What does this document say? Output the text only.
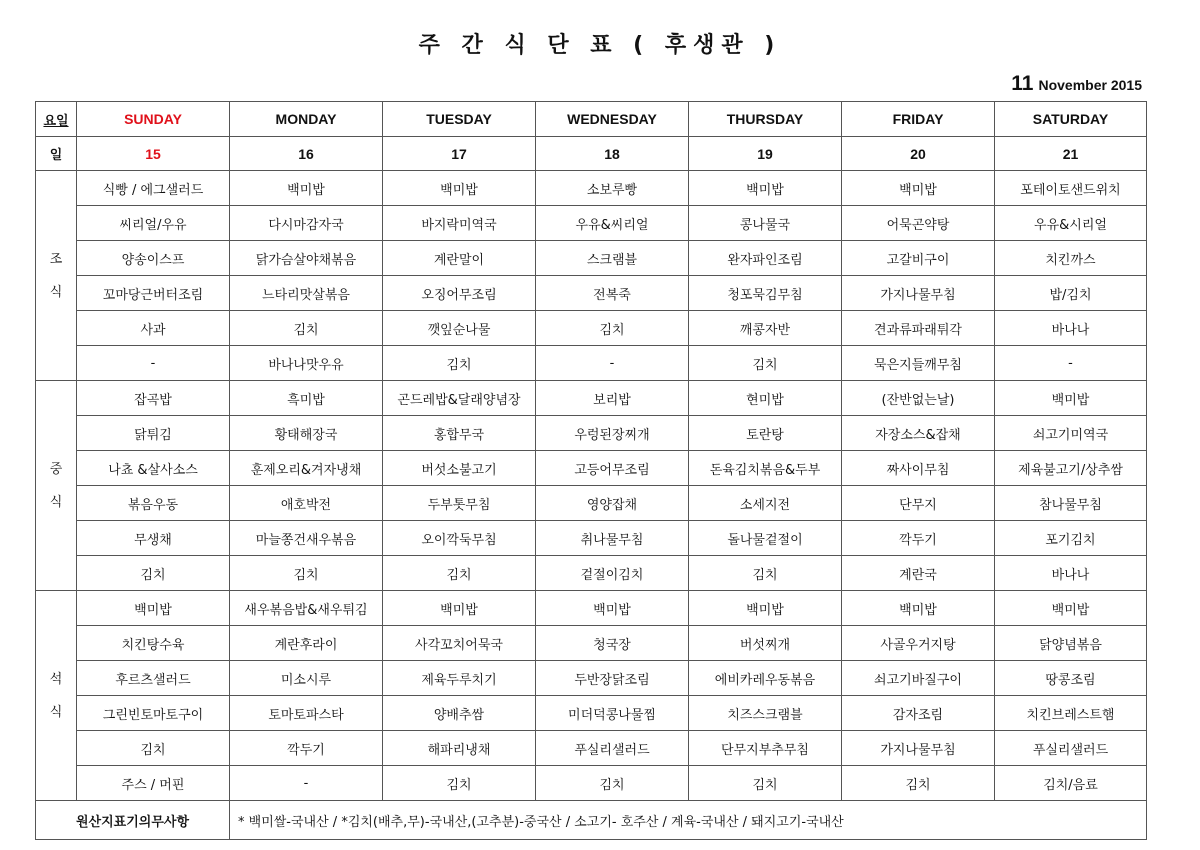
주 간 식 단 표 ( 후생관 )
11 November 2015
요일	SUNDAY	MONDAY	TUESDAY	WEDNESDAY	THURSDAY	FRIDAY	SATURDAY
일	15	16	17	18	19	20	21

조
식	식빵 / 에그샐러드	백미밥	백미밥	소보루빵	백미밥	백미밥	포테이토샌드위치
	씨리얼/우유	다시마감자국	바지락미역국	우유&씨리얼	콩나물국	어묵곤약탕	우유&시리얼
	양송이스프	닭가슴살야채볶음	계란말이	스크램블	완자파인조림	고갈비구이	치킨까스
	꼬마당근버터조림	느타리맛살볶음	오징어무조림	전복죽	청포묵김무침	가지나물무침	밥/김치
	사과	김치	깻잎순나물	김치	깨콩자반	견과류파래튀각	바나나
	-	바나나맛우유	김치	-	김치	묵은지들깨무침	-

중
식	잡곡밥	흑미밥	곤드레밥&달래양념장	보리밥	현미밥	(잔반없는날)	백미밥
	닭튀김	황태해장국	홍합무국	우렁된장찌개	토란탕	자장소스&잡채	쇠고기미역국
	나쵸 &살사소스	훈제오리&겨자냉채	버섯소불고기	고등어무조림	돈육김치볶음&두부	짜사이무침	제육불고기/상추쌈
	볶음우동	애호박전	두부톳무침	영양잡채	소세지전	단무지	참나물무침
	무생채	마늘쫑건새우볶음	오이깍둑무침	취나물무침	돌나물겉절이	깍두기	포기김치
	김치	김치	김치	겉절이김치	김치	계란국	바나나

석
식	백미밥	새우볶음밥&새우튀김	백미밥	백미밥	백미밥	백미밥	백미밥
	치킨탕수육	계란후라이	사각꼬치어묵국	청국장	버섯찌개	사골우거지탕	닭양념볶음
	후르츠샐러드	미소시루	제육두루치기	두반장닭조림	에비카레우동볶음	쇠고기바질구이	땅콩조림
	그린빈토마토구이	토마토파스타	양배추쌈	미더덕콩나물찜	치즈스크램블	감자조림	치킨브레스트햄
	김치	깍두기	해파리냉채	푸실리샐러드	단무지부추무침	가지나물무침	푸실리샐러드
	주스 / 머핀	-	김치	김치	김치	김치	김치/음료
원산지표기의무사항		* 백미쌀-국내산 / *김치(배추,무)-국내산,(고추분)-중국산 / 소고기- 호주산 / 계육-국내산 / 돼지고기-국내산					
